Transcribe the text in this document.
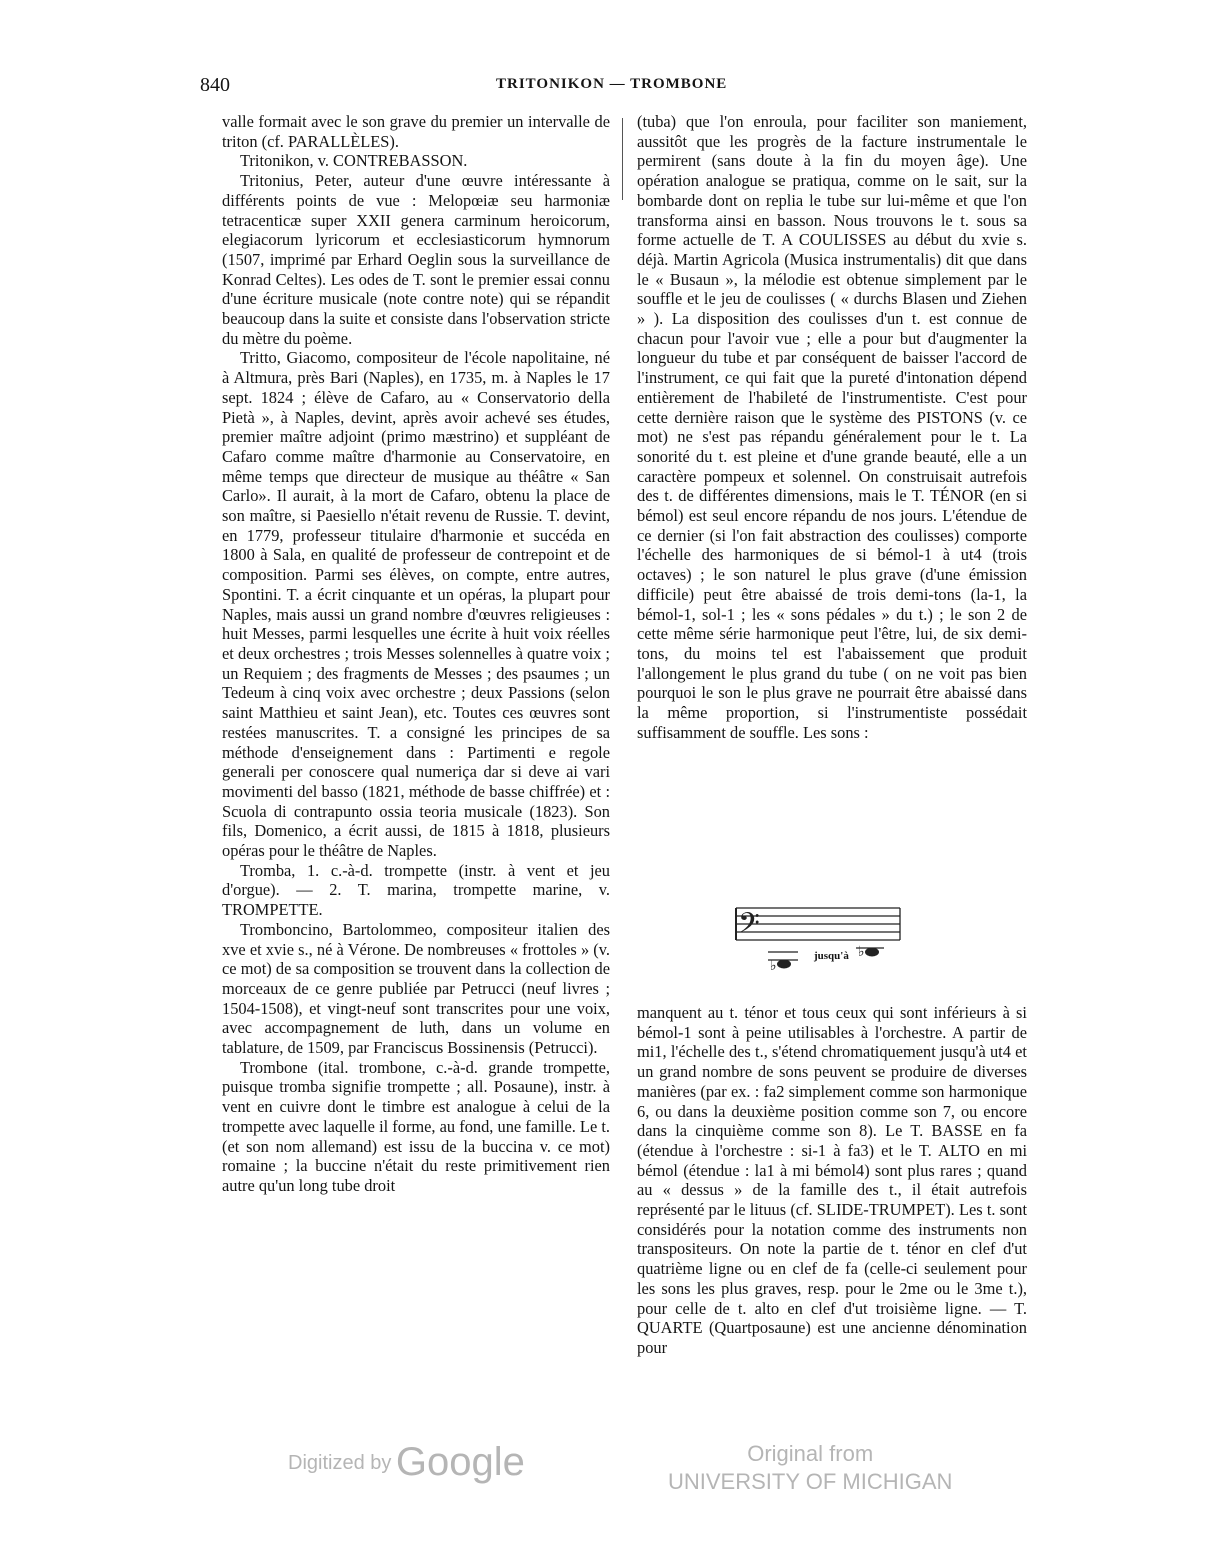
840	TRITONIKON — TROMBONE

valle formait avec le son grave du premier un intervalle de triton (cf. PARALLÈLES).

Tritonikon, v. CONTREBASSON.

Tritonius, Peter, auteur d'une œuvre intéressante à différents points de vue : Melopœiæ seu harmoniæ tetracenticæ super XXII genera carminum heroicorum, elegiacorum lyricorum et ecclesiasticorum hymnorum (1507, imprimé par Erhard Oeglin sous la surveillance de Konrad Celtes). Les odes de T. sont le premier essai connu d'une écriture musicale (note contre note) qui se répandit beaucoup dans la suite et consiste dans l'observation stricte du mètre du poème.

Tritto, Giacomo, compositeur de l'école napolitaine, né à Altmura, près Bari (Naples), en 1735, m. à Naples le 17 sept. 1824 ; élève de Cafaro, au « Conservatorio della Pietà », à Naples, devint, après avoir achevé ses études, premier maître adjoint (primo mæstrino) et suppléant de Cafaro comme maître d'harmonie au Conservatoire, en même temps que directeur de musique au théâtre « San Carlo». Il aurait, à la mort de Cafaro, obtenu la place de son maître, si Paesiello n'était revenu de Russie. T. devint, en 1779, professeur titulaire d'harmonie et succéda en 1800 à Sala, en qualité de professeur de contrepoint et de composition. Parmi ses élèves, on compte, entre autres, Spontini. T. a écrit cinquante et un opéras, la plupart pour Naples, mais aussi un grand nombre d'œuvres religieuses : huit Messes, parmi lesquelles une écrite à huit voix réelles et deux orchestres ; trois Messes solennelles à quatre voix ; un Requiem ; des fragments de Messes ; des psaumes ; un Tedeum à cinq voix avec orchestre ; deux Passions (selon saint Matthieu et saint Jean), etc. Toutes ces œuvres sont restées manuscrites. T. a consigné les principes de sa méthode d'enseignement dans : Partimenti e regole generali per conoscere qual numeriça dar si deve ai vari movimenti del basso (1821, méthode de basse chiffrée) et : Scuola di contrapunto ossia teoria musicale (1823). Son fils, Domenico, a écrit aussi, de 1815 à 1818, plusieurs opéras pour le théâtre de Naples.

Tromba, 1. c.-à-d. trompette (instr. à vent et jeu d'orgue). — 2. T. marina, trompette marine, v. TROMPETTE.

Tromboncino, Bartolommeo, compositeur italien des xve et xvie s., né à Vérone. De nombreuses « frottoles » (v. ce mot) de sa composition se trouvent dans la collection de morceaux de ce genre publiée par Petrucci (neuf livres ; 1504-1508), et vingt-neuf sont transcrites pour une voix, avec accompagnement de luth, dans un volume en tablature, de 1509, par Franciscus Bossinensis (Petrucci).

Trombone (ital. trombone, c.-à-d. grande trompette, puisque tromba signifie trompette ; all. Posaune), instr. à vent en cuivre dont le timbre est analogue à celui de la trompette avec laquelle il forme, au fond, une famille. Le t. (et son nom allemand) est issu de la buccina v. ce mot) romaine ; la buccine n'était du reste primitivement rien autre qu'un long tube droit

(tuba) que l'on enroula, pour faciliter son maniement, aussitôt que les progrès de la facture instrumentale le permirent (sans doute à la fin du moyen âge). Une opération analogue se pratiqua, comme on le sait, sur la bombarde dont on replia le tube sur lui-même et que l'on transforma ainsi en basson. Nous trouvons le t. sous sa forme actuelle de T. A COULISSES au début du xvie s. déjà. Martin Agricola (Musica instrumentalis) dit que dans le « Busaun », la mélodie est obtenue simplement par le souffle et le jeu de coulisses ( « durchs Blasen und Ziehen » ). La disposition des coulisses d'un t. est connue de chacun pour l'avoir vue ; elle a pour but d'augmenter la longueur du tube et par conséquent de baisser l'accord de l'instrument, ce qui fait que la pureté d'intonation dépend entièrement de l'habileté de l'instrumentiste. C'est pour cette dernière raison que le système des PISTONS (v. ce mot) ne s'est pas répandu généralement pour le t. La sonorité du t. est pleine et d'une grande beauté, elle a un caractère pompeux et solennel. On construisait autrefois des t. de différentes dimensions, mais le T. TÉNOR (en si bémol) est seul encore répandu de nos jours. L'étendue de ce dernier (si l'on fait abstraction des coulisses) comporte l'échelle des harmoniques de si bémol-1 à ut4 (trois octaves) ; le son naturel le plus grave (d'une émission difficile) peut être abaissé de trois demi-tons (la-1, la bémol-1, sol-1 ; les « sons pédales » du t.) ; le son 2 de cette même série harmonique peut l'être, lui, de six demi-tons, du moins tel est l'abaissement que produit l'allongement le plus grand du tube ( on ne voit pas bien pourquoi le son le plus grave ne pourrait être abaissé dans la même proportion, si l'instrumentiste possédait suffisamment de souffle. Les sons :

𝄢
♭
♭
jusqu'à

manquent au t. ténor et tous ceux qui sont inférieurs à si bémol-1 sont à peine utilisables à l'orchestre. A partir de mi1, l'échelle des t., s'étend chromatiquement jusqu'à ut4 et un grand nombre de sons peuvent se produire de diverses manières (par ex. : fa2 simplement comme son harmonique 6, ou dans la deuxième position comme son 7, ou encore dans la cinquième comme son 8). Le T. BASSE en fa (étendue à l'orchestre : si-1 à fa3) et le T. ALTO en mi bémol (étendue : la1 à mi bémol4) sont plus rares ; quand au « dessus » de la famille des t., il était autrefois représenté par le lituus (cf. SLIDE-TRUMPET). Les t. sont considérés pour la notation comme des instruments non transpositeurs. On note la partie de t. ténor en clef d'ut quatrième ligne ou en clef de fa (celle-ci seulement pour les sons les plus graves, resp. pour le 2me ou le 3me t.), pour celle de t. alto en clef d'ut troisième ligne. — T. QUARTE (Quartposaune) est une ancienne dénomination pour

Digitized by Google	Original from
UNIVERSITY OF MICHIGAN
